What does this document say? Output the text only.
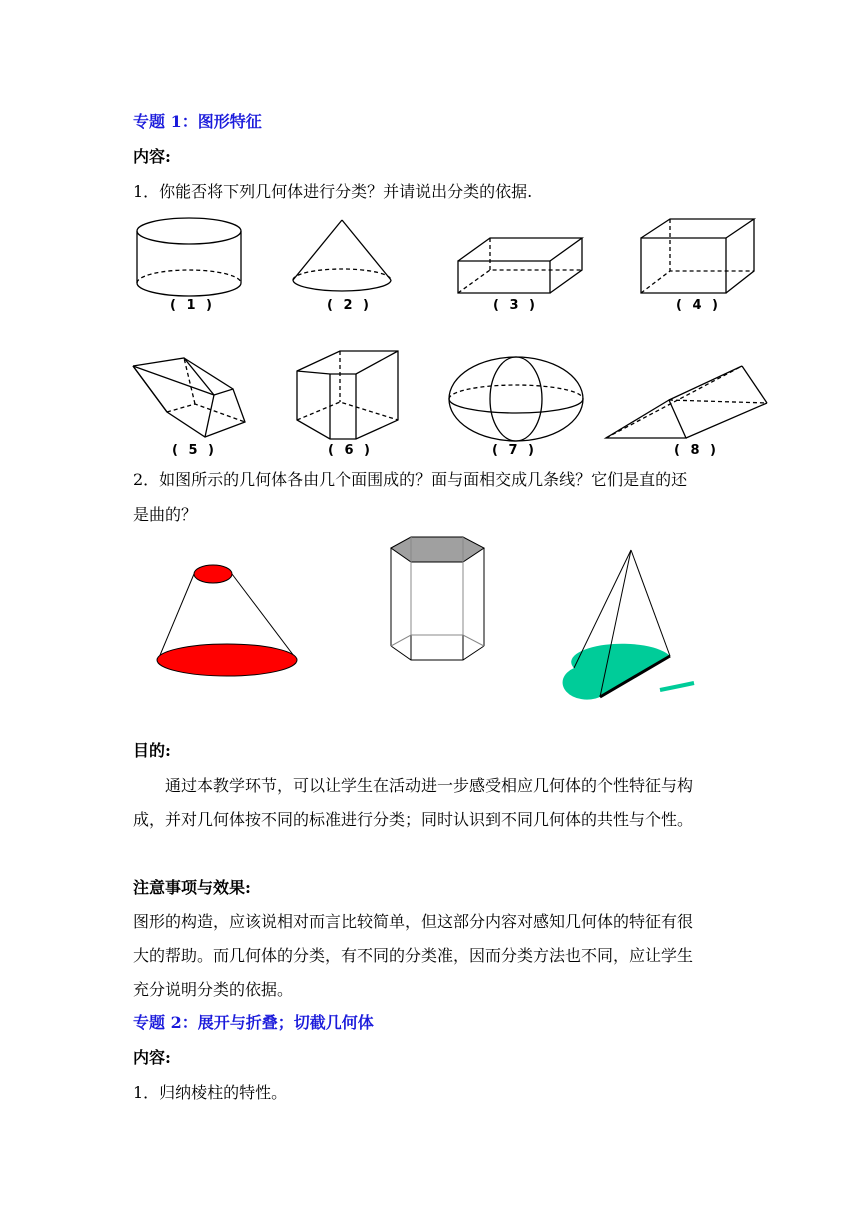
专题 1：图形特征
内容:
1．你能否将下列几何体进行分类？并请说出分类的依据.
( 1 )	( 2 )	( 3 )	( 4 )
( 5 )	( 6 )	( 7 )	( 8 )
2．如图所示的几何体各由几个面围成的？面与面相交成几条线？它们是直的还
是曲的？
目的:
通过本教学环节，可以让学生在活动进一步感受相应几何体的个性特征与构
成，并对几何体按不同的标准进行分类；同时认识到不同几何体的共性与个性。
注意事项与效果:
图形的构造，应该说相对而言比较简单，但这部分内容对感知几何体的特征有很
大的帮助。而几何体的分类，有不同的分类准，因而分类方法也不同，应让学生
充分说明分类的依据。
专题 2：展开与折叠；切截几何体
内容:
1．归纳棱柱的特性。
